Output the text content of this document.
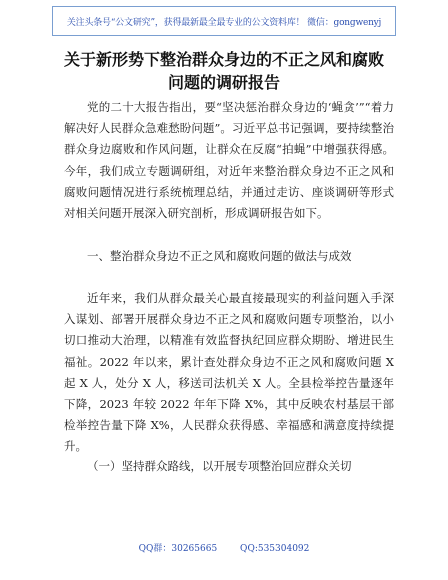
关注头条号“公文研究”，获得最新最全最专业的公文资料库！ 微信：gongwenyj
关于新形势下整治群众身边的不正之风和腐败
问题的调研报告
党的二十大报告指出，要“坚决惩治群众身边的‘蝇贪’”“着力解决好人民群众急难愁盼问题”。习近平总书记强调，要持续整治群众身边腐败和作风问题，让群众在反腐“拍蝇”中增强获得感。今年，我们成立专题调研组，对近年来整治群众身边不正之风和腐败问题情况进行系统梳理总结，并通过走访、座谈调研等形式对相关问题开展深入研究剖析，形成调研报告如下。
一、整治群众身边不正之风和腐败问题的做法与成效
近年来，我们从群众最关心最直接最现实的利益问题入手深入谋划、部署开展群众身边不正之风和腐败问题专项整治，以小切口推动大治理，以精准有效监督执纪回应群众期盼、增进民生福祉。2022 年以来，累计查处群众身边不正之风和腐败问题 X 起 X 人，处分 X 人，移送司法机关 X 人。全县检举控告量逐年下降，2023 年较 2022 年年下降 X%，其中反映农村基层干部检举控告量下降 X%，人民群众获得感、幸福感和满意度持续提升。
（一）坚持群众路线，以开展专项整治回应群众关切
QQ群：30265665        QQ:535304092
